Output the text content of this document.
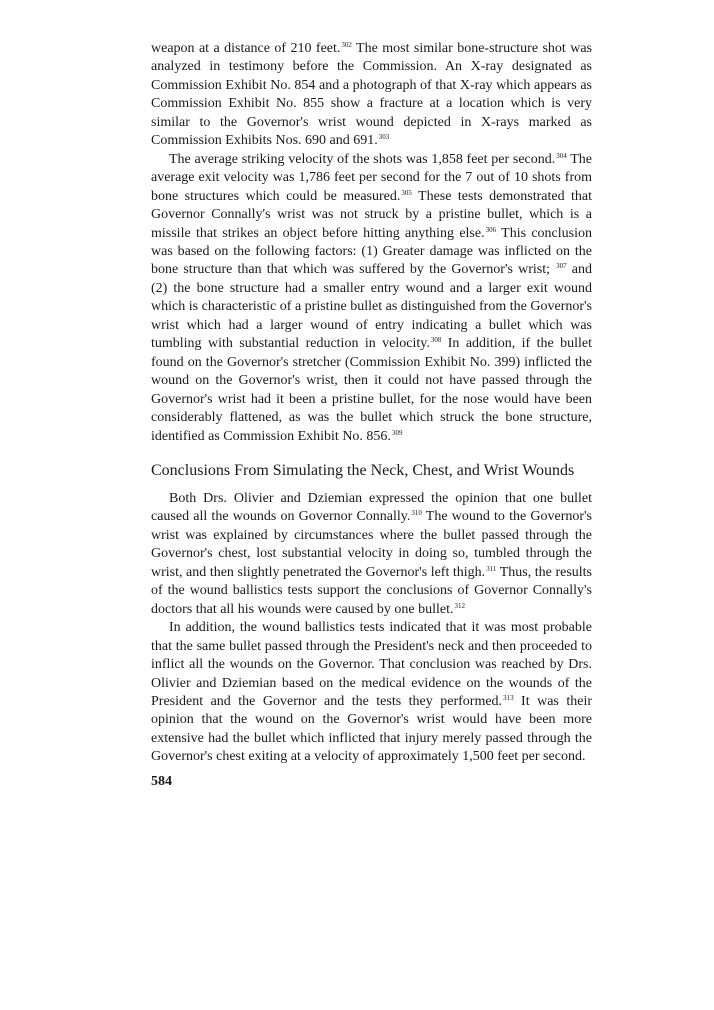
weapon at a distance of 210 feet.$^{302}$ The most similar bone-structure shot was analyzed in testimony before the Commission. An X-ray designated as Commission Exhibit No. 854 and a photograph of that X-ray which appears as Commission Exhibit No. 855 show a fracture at a location which is very similar to the Governor's wrist wound depicted in X-rays marked as Commission Exhibits Nos. 690 and 691.$^{303}$

The average striking velocity of the shots was 1,858 feet per second.$^{304}$ The average exit velocity was 1,786 feet per second for the 7 out of 10 shots from bone structures which could be measured.$^{305}$ These tests demonstrated that Governor Connally's wrist was not struck by a pristine bullet, which is a missile that strikes an object before hitting anything else.$^{306}$ This conclusion was based on the following factors: (1) Greater damage was inflicted on the bone structure than that which was suffered by the Governor's wrist; $^{307}$ and (2) the bone structure had a smaller entry wound and a larger exit wound which is characteristic of a pristine bullet as distinguished from the Governor's wrist which had a larger wound of entry indicating a bullet which was tumbling with substantial reduction in velocity.$^{308}$ In addition, if the bullet found on the Governor's stretcher (Commission Exhibit No. 399) inflicted the wound on the Governor's wrist, then it could not have passed through the Governor's wrist had it been a pristine bullet, for the nose would have been considerably flattened, as was the bullet which struck the bone structure, identified as Commission Exhibit No. 856.$^{309}$

Conclusions From Simulating the Neck, Chest, and Wrist Wounds

Both Drs. Olivier and Dziemian expressed the opinion that one bullet caused all the wounds on Governor Connally.$^{310}$ The wound to the Governor's wrist was explained by circumstances where the bullet passed through the Governor's chest, lost substantial velocity in doing so, tumbled through the wrist, and then slightly penetrated the Governor's left thigh.$^{311}$ Thus, the results of the wound ballistics tests support the conclusions of Governor Connally's doctors that all his wounds were caused by one bullet.$^{312}$

In addition, the wound ballistics tests indicated that it was most probable that the same bullet passed through the President's neck and then proceeded to inflict all the wounds on the Governor. That conclusion was reached by Drs. Olivier and Dziemian based on the medical evidence on the wounds of the President and the Governor and the tests they performed.$^{313}$ It was their opinion that the wound on the Governor's wrist would have been more extensive had the bullet which inflicted that injury merely passed through the Governor's chest exiting at a velocity of approximately 1,500 feet per second.

584
